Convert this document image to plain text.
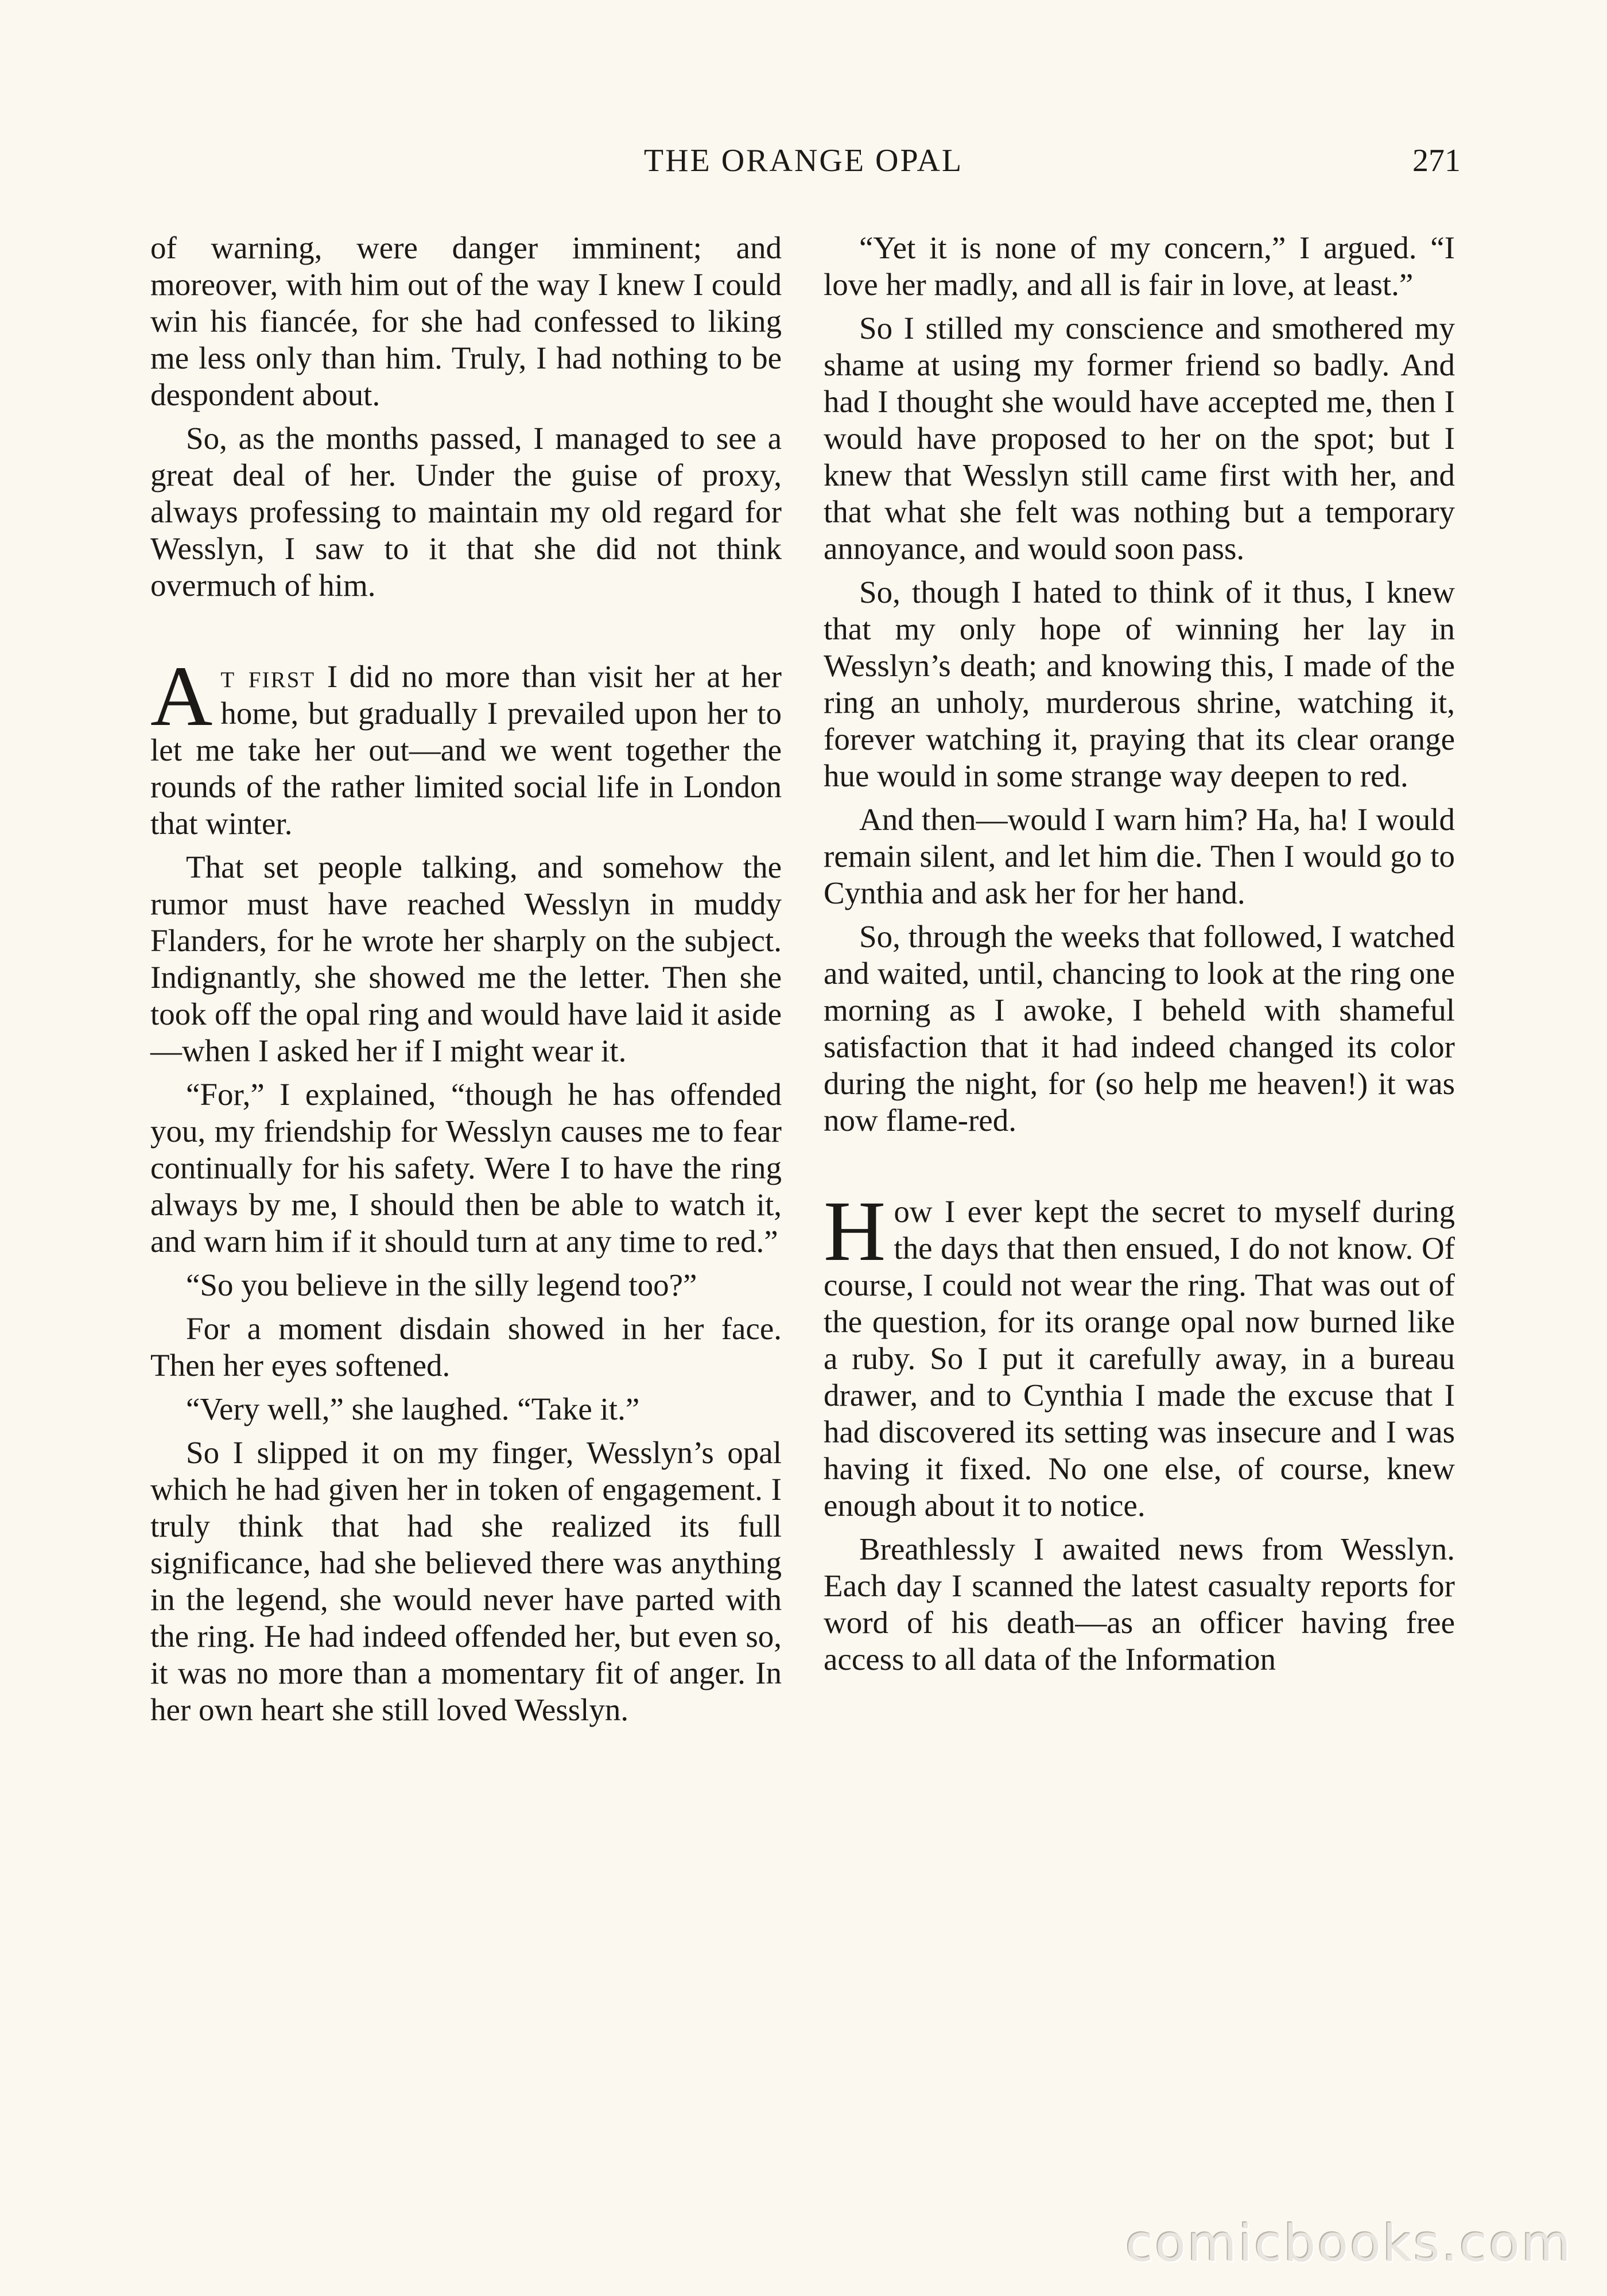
THE ORANGE OPAL	271

of warning, were danger imminent; and moreover, with him out of the way I knew I could win his fiancée, for she had confessed to liking me less only than him. Truly, I had nothing to be despondent about.

So, as the months passed, I managed to see a great deal of her. Under the guise of proxy, always professing to maintain my old regard for Wesslyn, I saw to it that she did not think overmuch of him.

At first I did no more than visit her at her home, but gradually I prevailed upon her to let me take her out—and we went together the rounds of the rather limited social life in London that winter.

That set people talking, and somehow the rumor must have reached Wesslyn in muddy Flanders, for he wrote her sharply on the subject. Indignantly, she showed me the letter. Then she took off the opal ring and would have laid it aside—when I asked her if I might wear it.

“For,” I explained, “though he has offended you, my friendship for Wesslyn causes me to fear continually for his safety. Were I to have the ring always by me, I should then be able to watch it, and warn him if it should turn at any time to red.”

“So you believe in the silly legend too?”

For a moment disdain showed in her face. Then her eyes softened.

“Very well,” she laughed. “Take it.”

So I slipped it on my finger, Wesslyn’s opal which he had given her in token of engagement. I truly think that had she realized its full significance, had she believed there was anything in the legend, she would never have parted with the ring. He had indeed offended her, but even so, it was no more than a momentary fit of anger. In her own heart she still loved Wesslyn.

“Yet it is none of my concern,” I argued. “I love her madly, and all is fair in love, at least.”

So I stilled my conscience and smothered my shame at using my former friend so badly. And had I thought she would have accepted me, then I would have proposed to her on the spot; but I knew that Wesslyn still came first with her, and that what she felt was nothing but a temporary annoyance, and would soon pass.

So, though I hated to think of it thus, I knew that my only hope of winning her lay in Wesslyn’s death; and knowing this, I made of the ring an unholy, murderous shrine, watching it, forever watching it, praying that its clear orange hue would in some strange way deepen to red.

And then—would I warn him? Ha, ha! I would remain silent, and let him die. Then I would go to Cynthia and ask her for her hand.

So, through the weeks that followed, I watched and waited, until, chancing to look at the ring one morning as I awoke, I beheld with shameful satisfaction that it had indeed changed its color during the night, for (so help me heaven!) it was now flame-red.

How I ever kept the secret to myself during the days that then ensued, I do not know. Of course, I could not wear the ring. That was out of the question, for its orange opal now burned like a ruby. So I put it carefully away, in a bureau drawer, and to Cynthia I made the excuse that I had discovered its setting was insecure and I was having it fixed. No one else, of course, knew enough about it to notice.

Breathlessly I awaited news from Wesslyn. Each day I scanned the latest casualty reports for word of his death—as an officer having free access to all data of the Information

comicbooks.com
